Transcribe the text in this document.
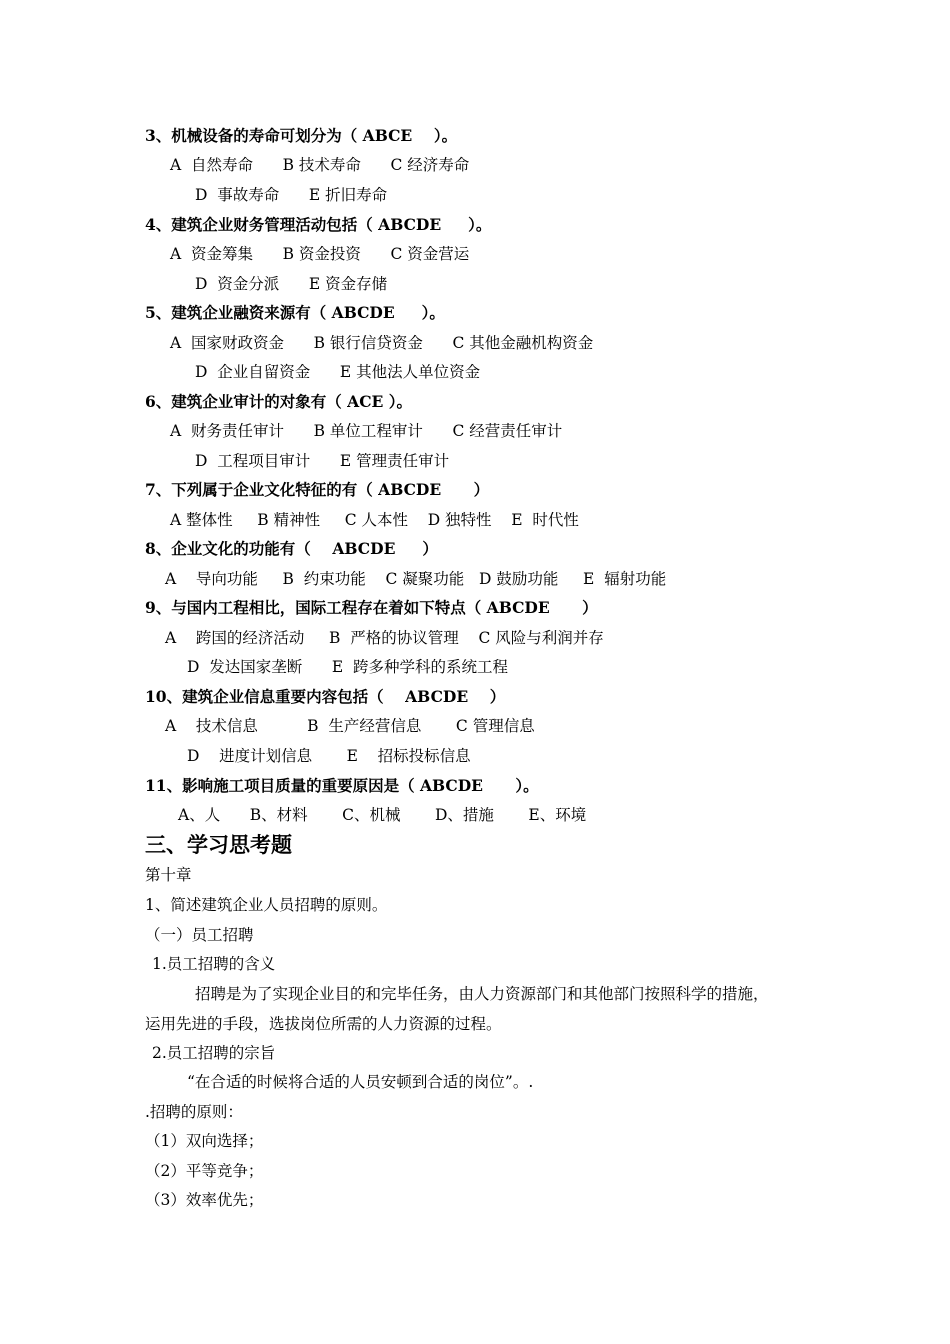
3、机械设备的寿命可划分为（ ABCE    ）。
A  自然寿命      B 技术寿命      C 经济寿命
D  事故寿命      E 折旧寿命
4、建筑企业财务管理活动包括（ ABCDE     ）。
A  资金筹集      B 资金投资      C 资金营运
D  资金分派      E 资金存储
5、建筑企业融资来源有（ ABCDE     ）。
A  国家财政资金      B 银行信贷资金      C 其他金融机构资金
D  企业自留资金      E 其他法人单位资金
6、建筑企业审计的对象有（ ACE ）。
A  财务责任审计      B 单位工程审计      C 经营责任审计
D  工程项目审计      E 管理责任审计
7、下列属于企业文化特征的有（ ABCDE      ）
A 整体性     B 精神性     C 人本性    D 独特性    E  时代性
8、企业文化的功能有（    ABCDE     ）
A    导向功能     B  约束功能    C 凝聚功能   D 鼓励功能     E  辐射功能
9、与国内工程相比，国际工程存在着如下特点（ ABCDE      ）
A    跨国的经济活动     B  严格的协议管理    C 风险与利润并存
D  发达国家垄断      E  跨多种学科的系统工程
10、建筑企业信息重要内容包括（    ABCDE    ）
A    技术信息          B  生产经营信息       C 管理信息
D    进度计划信息       E    招标投标信息
11、影响施工项目质量的重要原因是（ ABCDE      ）。
A、人      B、材料       C、机械       D、措施       E、环境
三、学习思考题
第十章
1、简述建筑企业人员招聘的原则。
（一）员工招聘
1.员工招聘的含义
招聘是为了实现企业目的和完毕任务，由人力资源部门和其他部门按照科学的措施，
运用先进的手段，选拔岗位所需的人力资源的过程。
2.员工招聘的宗旨
“在合适的时候将合适的人员安顿到合适的岗位”。.
.招聘的原则：
（1）双向选择；
（2）平等竞争；
（3）效率优先；
